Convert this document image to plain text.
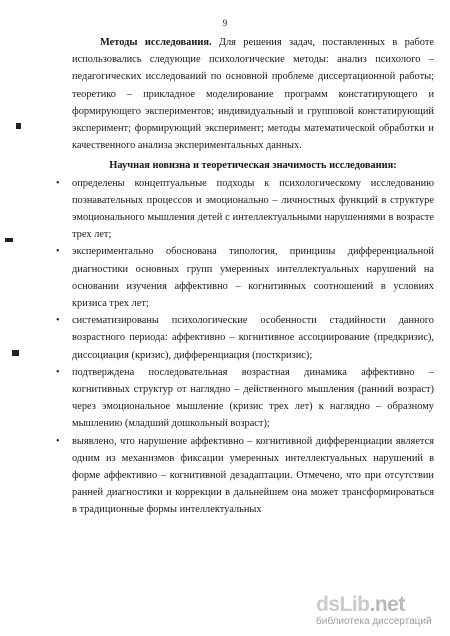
9

Методы исследования. Для решения задач, поставленных в работе использовались следующие психологические методы: анализ психолого – педагогических исследований по основной проблеме диссертационной работы; теоретико – прикладное моделирование программ констатирующего и формирующего экспериментов; индивидуальный и групповой констатирующий эксперимент; формирующий эксперимент; методы математической обработки и качественного анализа экспериментальных данных.

Научная новизна и теоретическая значимость исследования:

• определены концептуальные подходы к психологическому исследованию познавательных процессов и эмоционально – личностных функций в структуре эмоционального мышления детей с интеллектуальными нарушениями в возрасте трех лет;
• экспериментально обоснована типология, принципы дифференциальной диагностики основных групп умеренных интеллектуальных нарушений на основании изучения аффективно – когнитивных соотношений в условиях кризиса трех лет;
• систематизированы психологические особенности стадийности данного возрастного периода: аффективно – когнитивное ассоциирование (предкризис), диссоциация (кризис), дифференциация (посткризис);
• подтверждена последовательная возрастная динамика аффективно – когнитивных структур от наглядно – действенного мышления (ранний возраст) через эмоциональное мышление (кризис трех лет) к наглядно – образному мышлению (младший дошкольный возраст);
• выявлено, что нарушение аффективно – когнитивной дифференциации является одним из механизмов фиксации умеренных интеллектуальных нарушений в форме аффективно – когнитивной дезадаптации. Отмечено, что при отсутствии ранней диагностики и коррекции в дальнейшем она может трансформироваться в традиционные формы интеллектуальных
dsLib.net
библиотека диссертаций
